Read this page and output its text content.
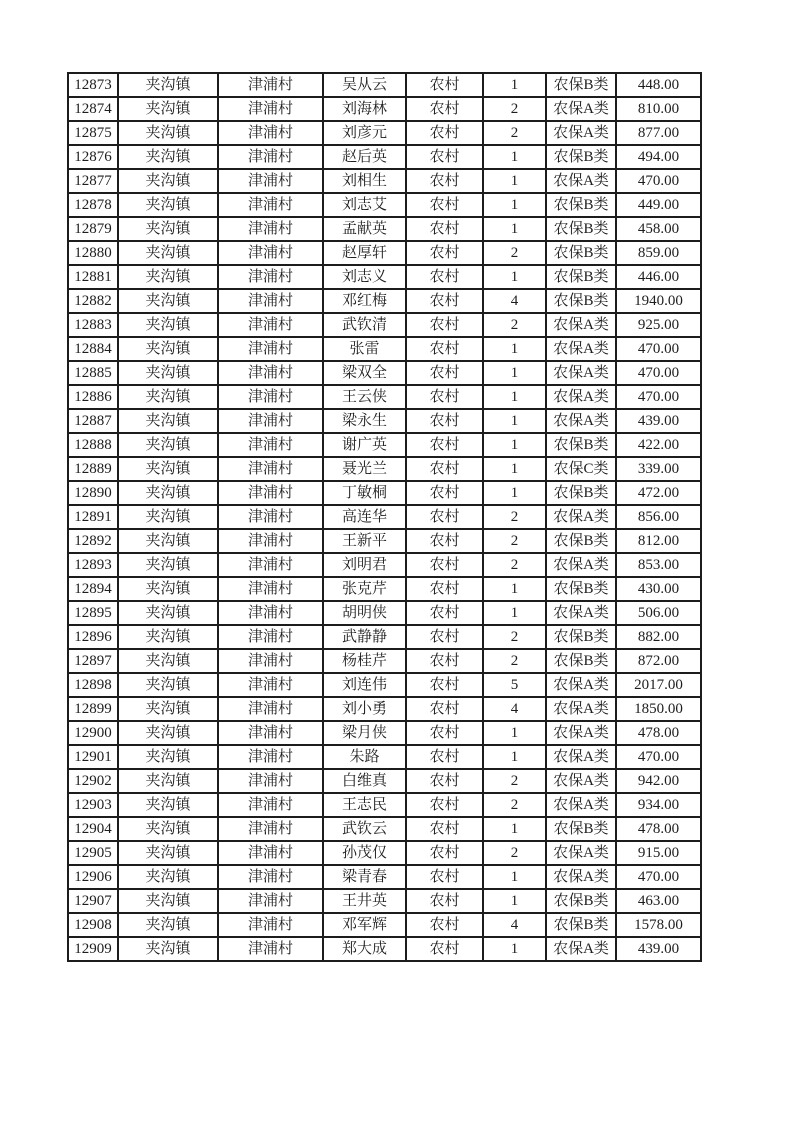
12873	夹沟镇	津浦村	吴从云	农村	1	农保B类	448.00
12874	夹沟镇	津浦村	刘海林	农村	2	农保A类	810.00
12875	夹沟镇	津浦村	刘彦元	农村	2	农保A类	877.00
12876	夹沟镇	津浦村	赵后英	农村	1	农保B类	494.00
12877	夹沟镇	津浦村	刘相生	农村	1	农保A类	470.00
12878	夹沟镇	津浦村	刘志艾	农村	1	农保B类	449.00
12879	夹沟镇	津浦村	孟献英	农村	1	农保B类	458.00
12880	夹沟镇	津浦村	赵厚轩	农村	2	农保B类	859.00
12881	夹沟镇	津浦村	刘志义	农村	1	农保B类	446.00
12882	夹沟镇	津浦村	邓红梅	农村	4	农保B类	1940.00
12883	夹沟镇	津浦村	武钦清	农村	2	农保A类	925.00
12884	夹沟镇	津浦村	张雷	农村	1	农保A类	470.00
12885	夹沟镇	津浦村	梁双全	农村	1	农保A类	470.00
12886	夹沟镇	津浦村	王云侠	农村	1	农保A类	470.00
12887	夹沟镇	津浦村	梁永生	农村	1	农保A类	439.00
12888	夹沟镇	津浦村	谢广英	农村	1	农保B类	422.00
12889	夹沟镇	津浦村	聂光兰	农村	1	农保C类	339.00
12890	夹沟镇	津浦村	丁敏桐	农村	1	农保B类	472.00
12891	夹沟镇	津浦村	高连华	农村	2	农保A类	856.00
12892	夹沟镇	津浦村	王新平	农村	2	农保B类	812.00
12893	夹沟镇	津浦村	刘明君	农村	2	农保A类	853.00
12894	夹沟镇	津浦村	张克芹	农村	1	农保B类	430.00
12895	夹沟镇	津浦村	胡明侠	农村	1	农保A类	506.00
12896	夹沟镇	津浦村	武静静	农村	2	农保B类	882.00
12897	夹沟镇	津浦村	杨桂芹	农村	2	农保B类	872.00
12898	夹沟镇	津浦村	刘连伟	农村	5	农保A类	2017.00
12899	夹沟镇	津浦村	刘小勇	农村	4	农保A类	1850.00
12900	夹沟镇	津浦村	梁月侠	农村	1	农保A类	478.00
12901	夹沟镇	津浦村	朱路	农村	1	农保A类	470.00
12902	夹沟镇	津浦村	白维真	农村	2	农保A类	942.00
12903	夹沟镇	津浦村	王志民	农村	2	农保A类	934.00
12904	夹沟镇	津浦村	武钦云	农村	1	农保B类	478.00
12905	夹沟镇	津浦村	孙茂仅	农村	2	农保A类	915.00
12906	夹沟镇	津浦村	梁青春	农村	1	农保A类	470.00
12907	夹沟镇	津浦村	王井英	农村	1	农保B类	463.00
12908	夹沟镇	津浦村	邓军辉	农村	4	农保B类	1578.00
12909	夹沟镇	津浦村	郑大成	农村	1	农保A类	439.00
